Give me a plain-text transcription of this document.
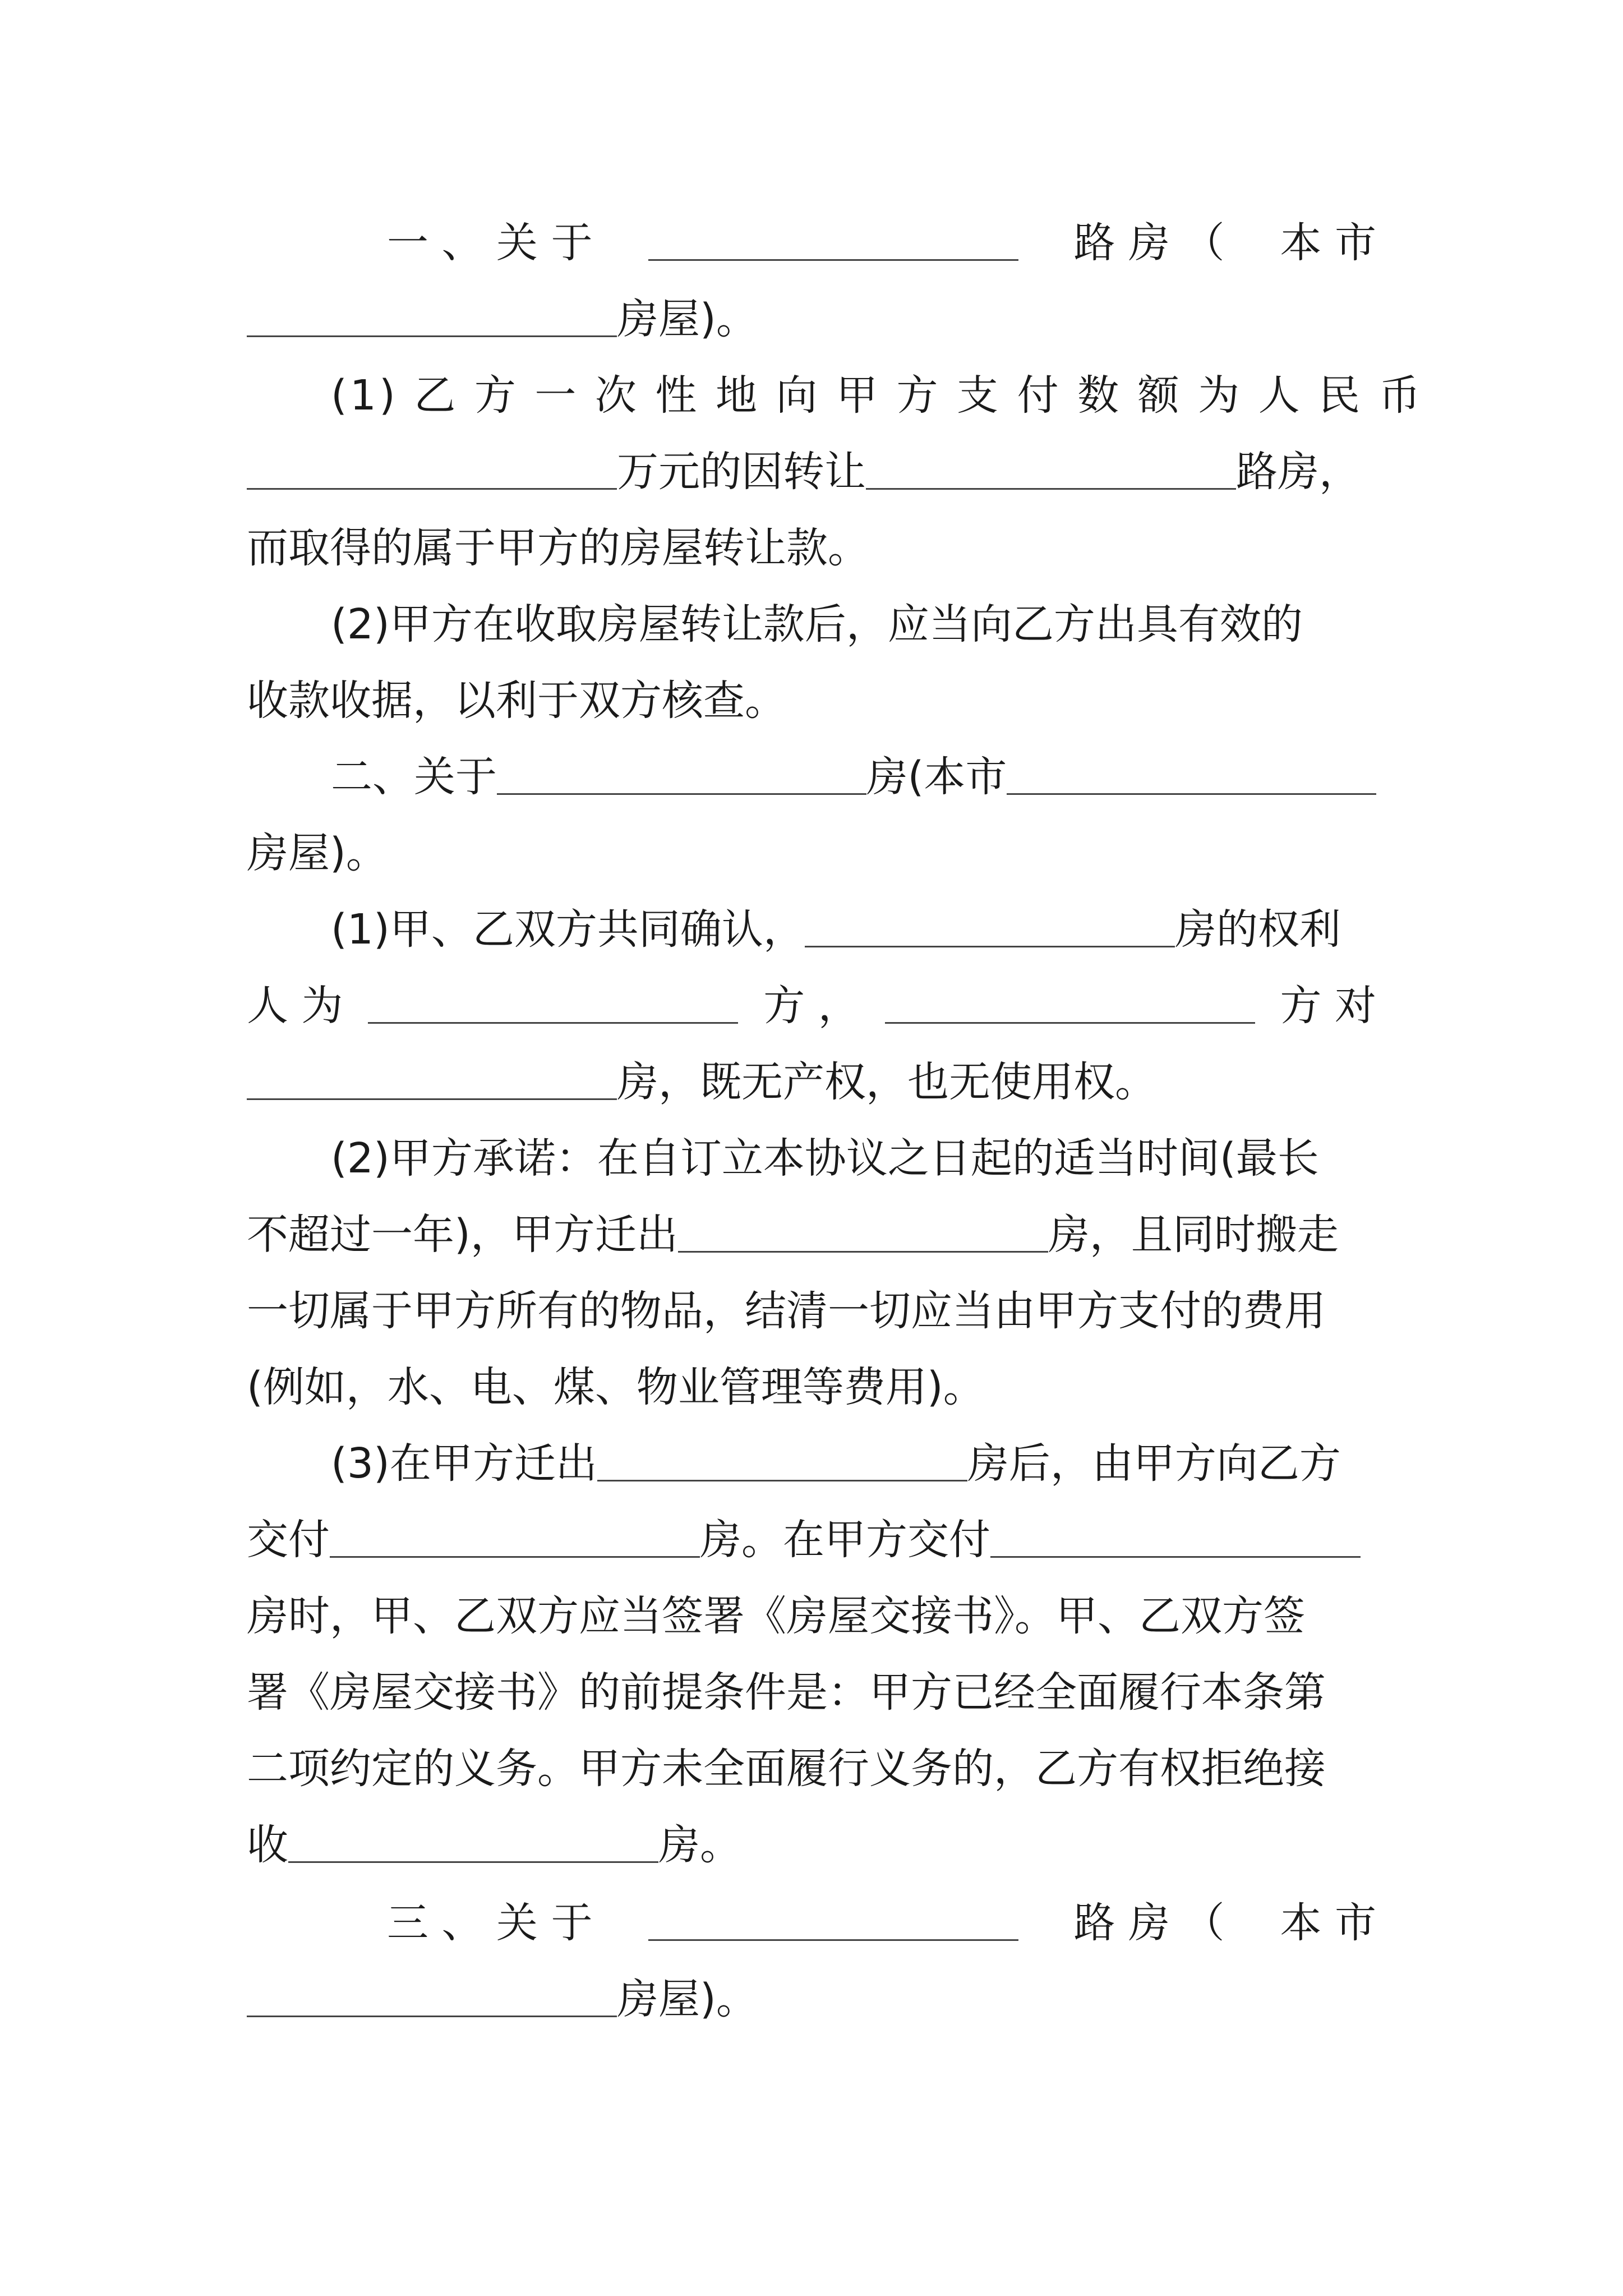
一 、 关 于	路 房 （ 本 市
房屋)。
(1) 乙 方 一 次 性 地 向 甲 方 支 付 数 额 为 人 民 币
万元的因转让	路房，
而取得的属于甲方的房屋转让款。
(2)甲方在收取房屋转让款后，应当向乙方出具有效的
收款收据，以利于双方核查。
二、关于	房(本市
房屋)。
(1)甲、乙双方共同确认，	房的权利
人 为	方 ，	方 对
房，既无产权，也无使用权。
(2)甲方承诺：在自订立本协议之日起的适当时间(最长
不超过一年)，甲方迁出	房，且同时搬走
一切属于甲方所有的物品，结清一切应当由甲方支付的费用
(例如，水、电、煤、物业管理等费用)。
(3)在甲方迁出	房后，由甲方向乙方
交付	房。在甲方交付
房时，甲、乙双方应当签署《房屋交接书》。甲、乙双方签
署《房屋交接书》的前提条件是：甲方已经全面履行本条第
二项约定的义务。甲方未全面履行义务的，乙方有权拒绝接
收	房。
三 、 关 于	路 房 （ 本 市
房屋)。
